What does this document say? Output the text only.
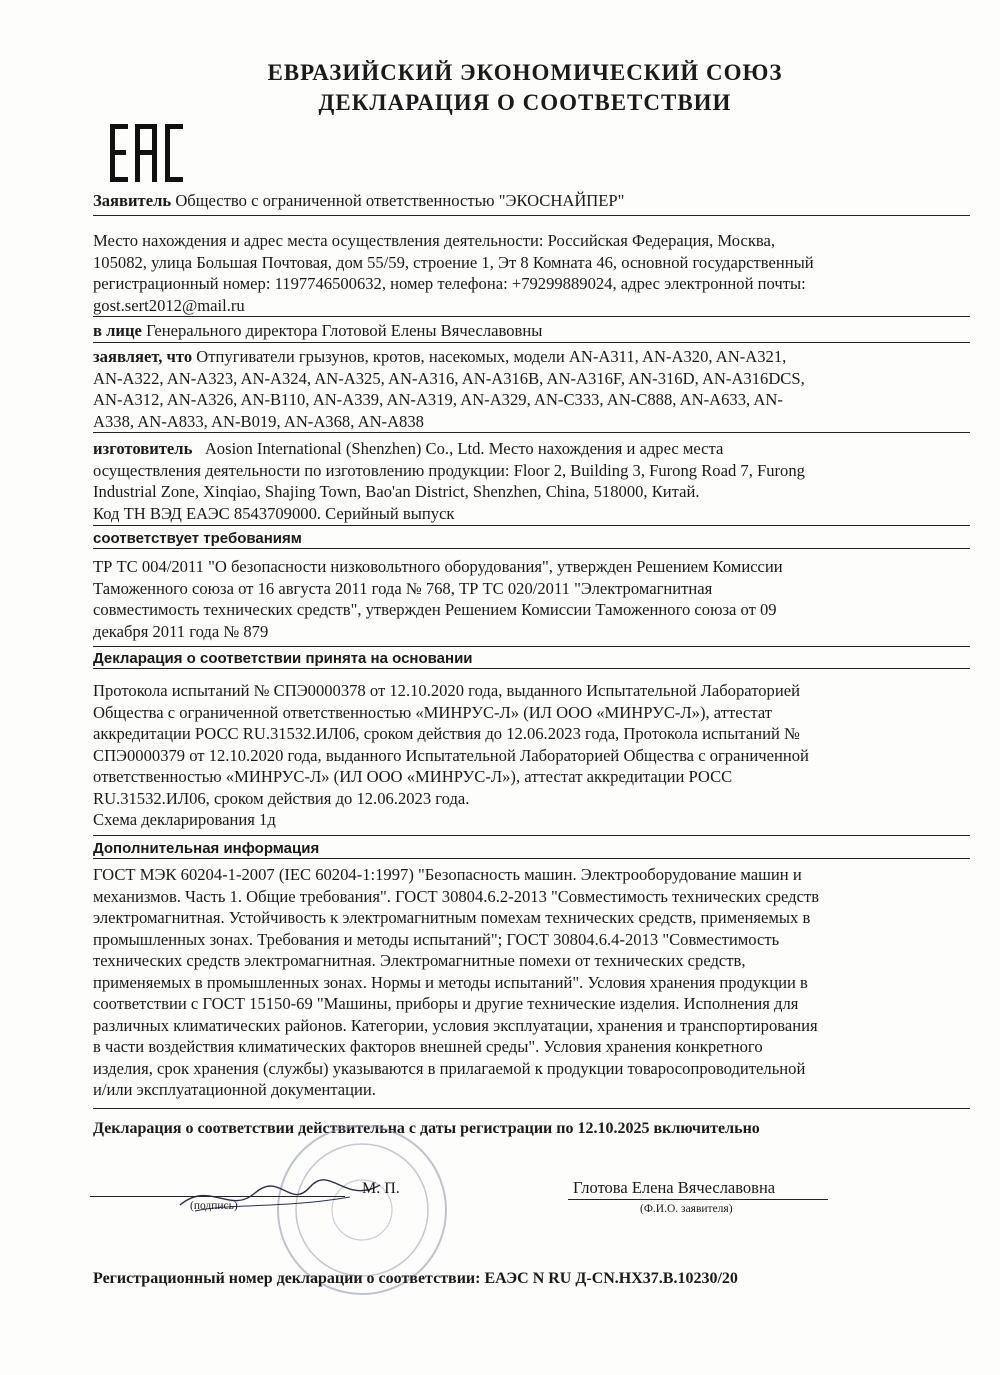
ЕВРАЗИЙСКИЙ ЭКОНОМИЧЕСКИЙ СОЮЗ
ДЕКЛАРАЦИЯ О СООТВЕТСТВИИ
Заявитель Общество с ограниченной ответственностью "ЭКОСНАЙПЕР"
Место нахождения и адрес места осуществления деятельности: Российская Федерация, Москва,
105082, улица Большая Почтовая, дом 55/59, строение 1, Эт 8 Комната 46, основной государственный
регистрационный номер: 1197746500632, номер телефона: +79299889024, адрес электронной почты:
gost.sert2012@mail.ru
в лице Генерального директора Глотовой Елены Вячеславовны
заявляет, что Отпугиватели грызунов, кротов, насекомых, модели AN-A311, AN-A320, AN-A321,
AN-A322, AN-A323, AN-A324, AN-A325, AN-A316, AN-A316B, AN-A316F, AN-316D, AN-A316DCS,
AN-A312, AN-A326, AN-B110, AN-A339, AN-A319, AN-A329, AN-C333, AN-C888, AN-A633, AN-
A338, AN-A833, AN-B019, AN-A368, AN-A838
изготовитель Aosion International (Shenzhen) Co., Ltd. Место нахождения и адрес места
осуществления деятельности по изготовлению продукции: Floor 2, Building 3, Furong Road 7, Furong
Industrial Zone, Xinqiao, Shajing Town, Bao'an District, Shenzhen, China, 518000, Китай.
Код ТН ВЭД ЕАЭС 8543709000. Серийный выпуск
соответствует требованиям
ТР ТС 004/2011 "О безопасности низковольтного оборудования", утвержден Решением Комиссии
Таможенного союза от 16 августа 2011 года № 768, ТР ТС 020/2011 "Электромагнитная
совместимость технических средств", утвержден Решением Комиссии Таможенного союза от 09
декабря 2011 года № 879
Декларация о соответствии принята на основании
Протокола испытаний № СПЭ0000378 от 12.10.2020 года, выданного Испытательной Лабораторией
Общества с ограниченной ответственностью «МИНРУС-Л» (ИЛ ООО «МИНРУС-Л»), аттестат
аккредитации РОСС RU.31532.ИЛ06, сроком действия до 12.06.2023 года, Протокола испытаний №
СПЭ0000379 от 12.10.2020 года, выданного Испытательной Лабораторией Общества с ограниченной
ответственностью «МИНРУС-Л» (ИЛ ООО «МИНРУС-Л»), аттестат аккредитации РОСС
RU.31532.ИЛ06, сроком действия до 12.06.2023 года.
Схема декларирования 1д
Дополнительная информация
ГОСТ МЭК 60204-1-2007 (IEC 60204-1:1997) "Безопасность машин. Электрооборудование машин и
механизмов. Часть 1. Общие требования". ГОСТ 30804.6.2-2013 "Совместимость технических средств
электромагнитная. Устойчивость к электромагнитным помехам технических средств, применяемых в
промышленных зонах. Требования и методы испытаний"; ГОСТ 30804.6.4-2013 "Совместимость
технических средств электромагнитная. Электромагнитные помехи от технических средств,
применяемых в промышленных зонах. Нормы и методы испытаний". Условия хранения продукции в
соответствии с ГОСТ 15150-69 "Машины, приборы и другие технические изделия. Исполнения для
различных климатических районов. Категории, условия эксплуатации, хранения и транспортирования
в части воздействия климатических факторов внешней среды". Условия хранения конкретного
изделия, срок хранения (службы) указываются в прилагаемой к продукции товаросопроводительной
и/или эксплуатационной документации.
Декларация о соответствии действительна с даты регистрации по 12.10.2025 включительно
(подпись)
М. П.	Глотова Елена Вячеславовна
(Ф.И.О. заявителя)
Регистрационный номер декларации о соответствии: ЕАЭС N RU Д-CN.НХ37.В.10230/20
